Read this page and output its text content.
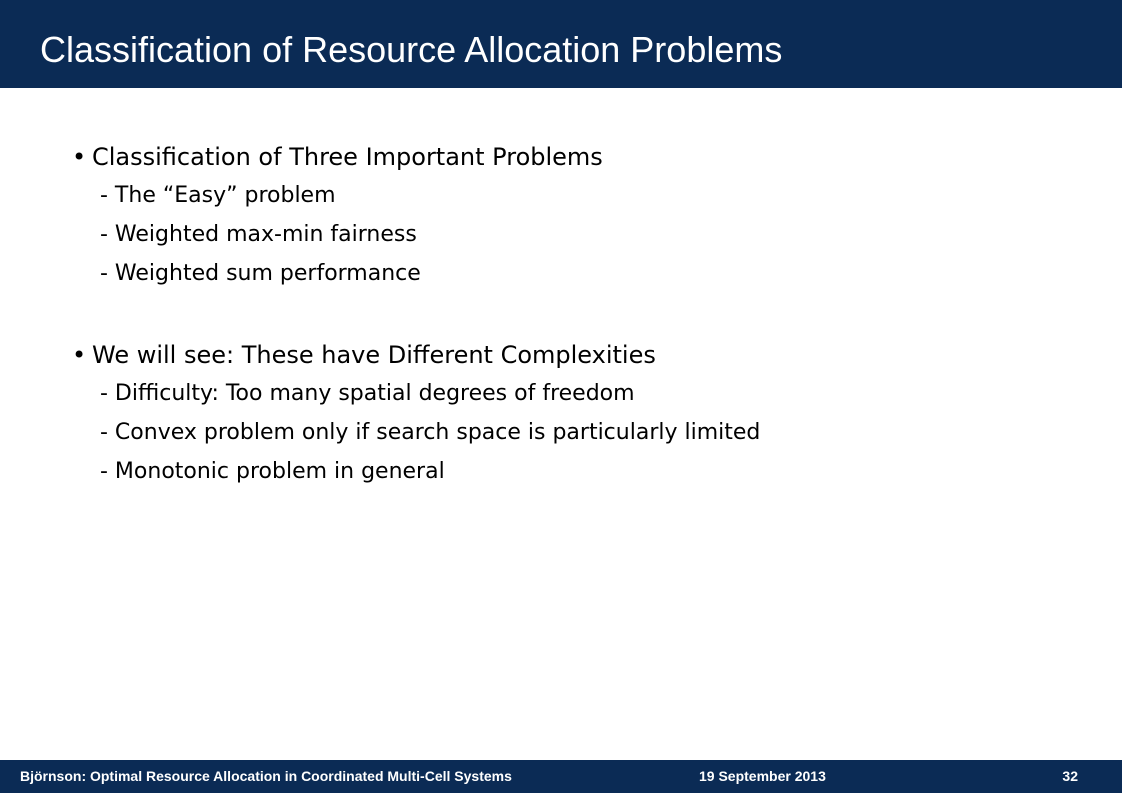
Classification of Resource Allocation Problems
• Classification of Three Important Problems
- The “Easy” problem
- Weighted max-min fairness
- Weighted sum performance
• We will see: These have Different Complexities
- Difficulty: Too many spatial degrees of freedom
- Convex problem only if search space is particularly limited
- Monotonic problem in general
Björnson: Optimal Resource Allocation in Coordinated Multi-Cell Systems	19 September 2013	32
